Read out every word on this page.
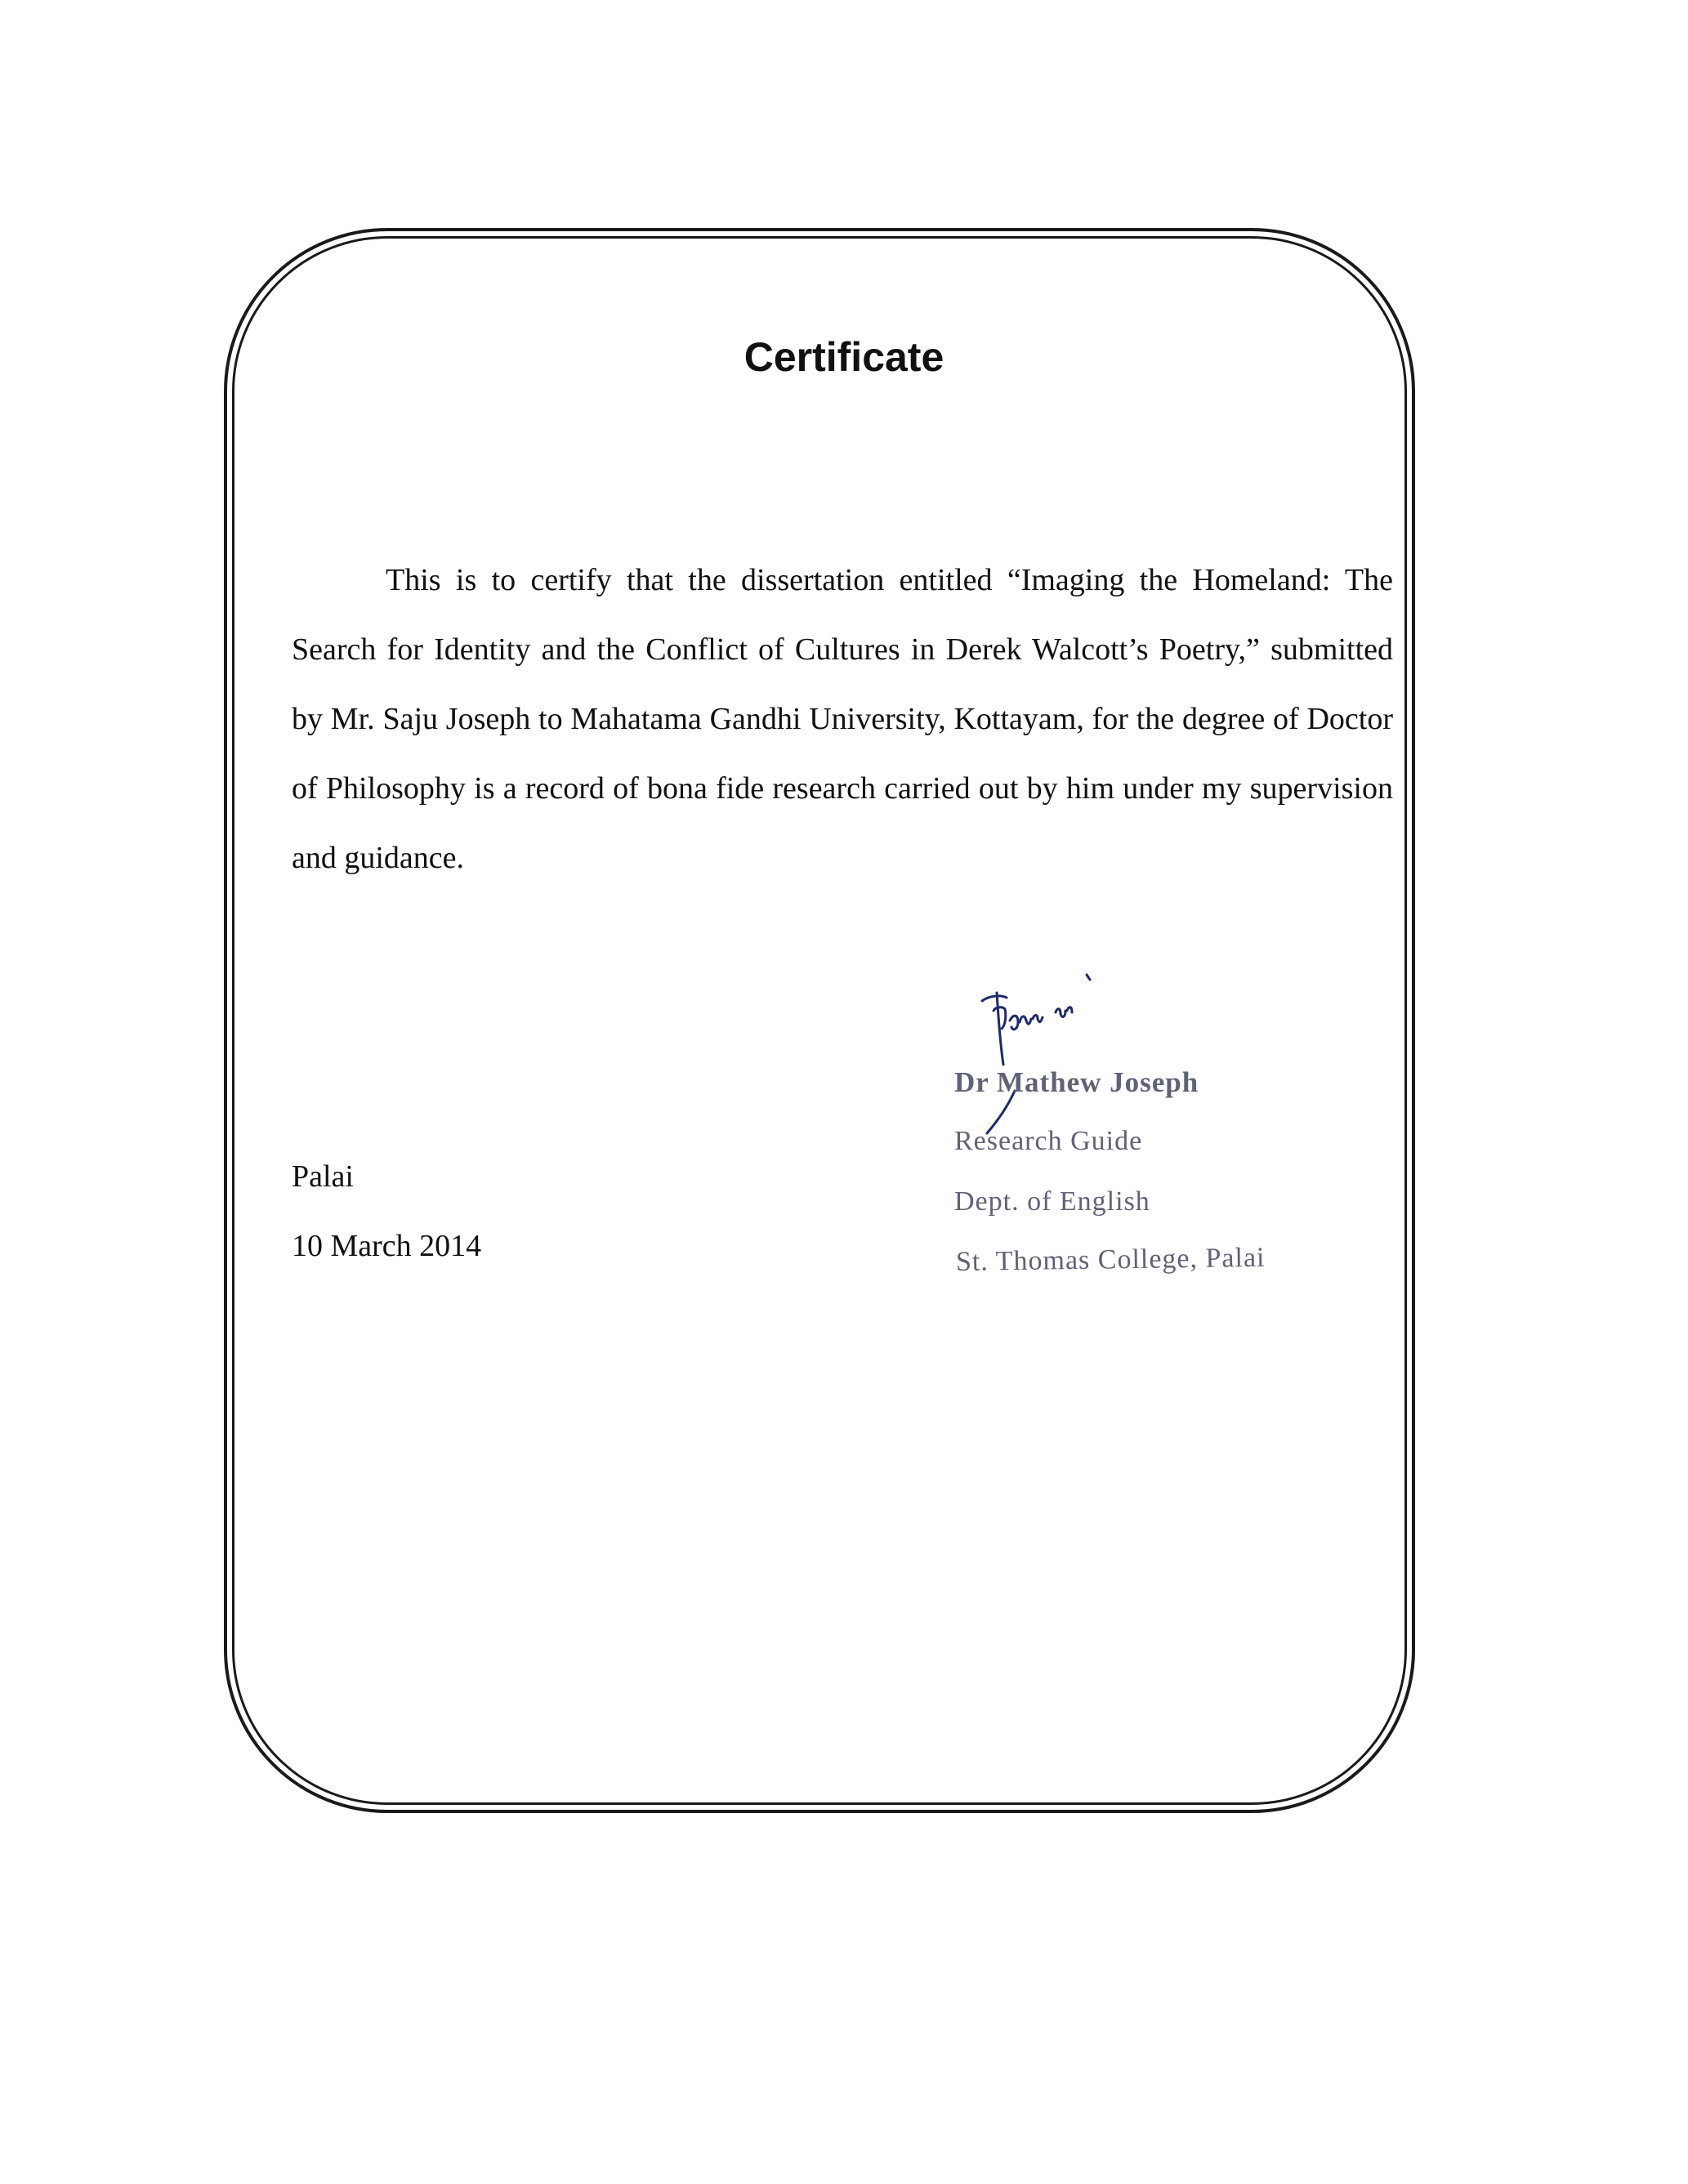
Certificate

This is to certify that the dissertation entitled “Imaging the Homeland: The Search for Identity and the Conflict of Cultures in Derek Walcott’s Poetry,” submitted by Mr. Saju Joseph to Mahatama Gandhi University, Kottayam, for the degree of Doctor of Philosophy is a record of bona fide research carried out by him under my supervision and guidance.

Palai

10 March 2014

Dr Mathew Joseph

Research Guide

Dept. of English

St. Thomas College, Palai
